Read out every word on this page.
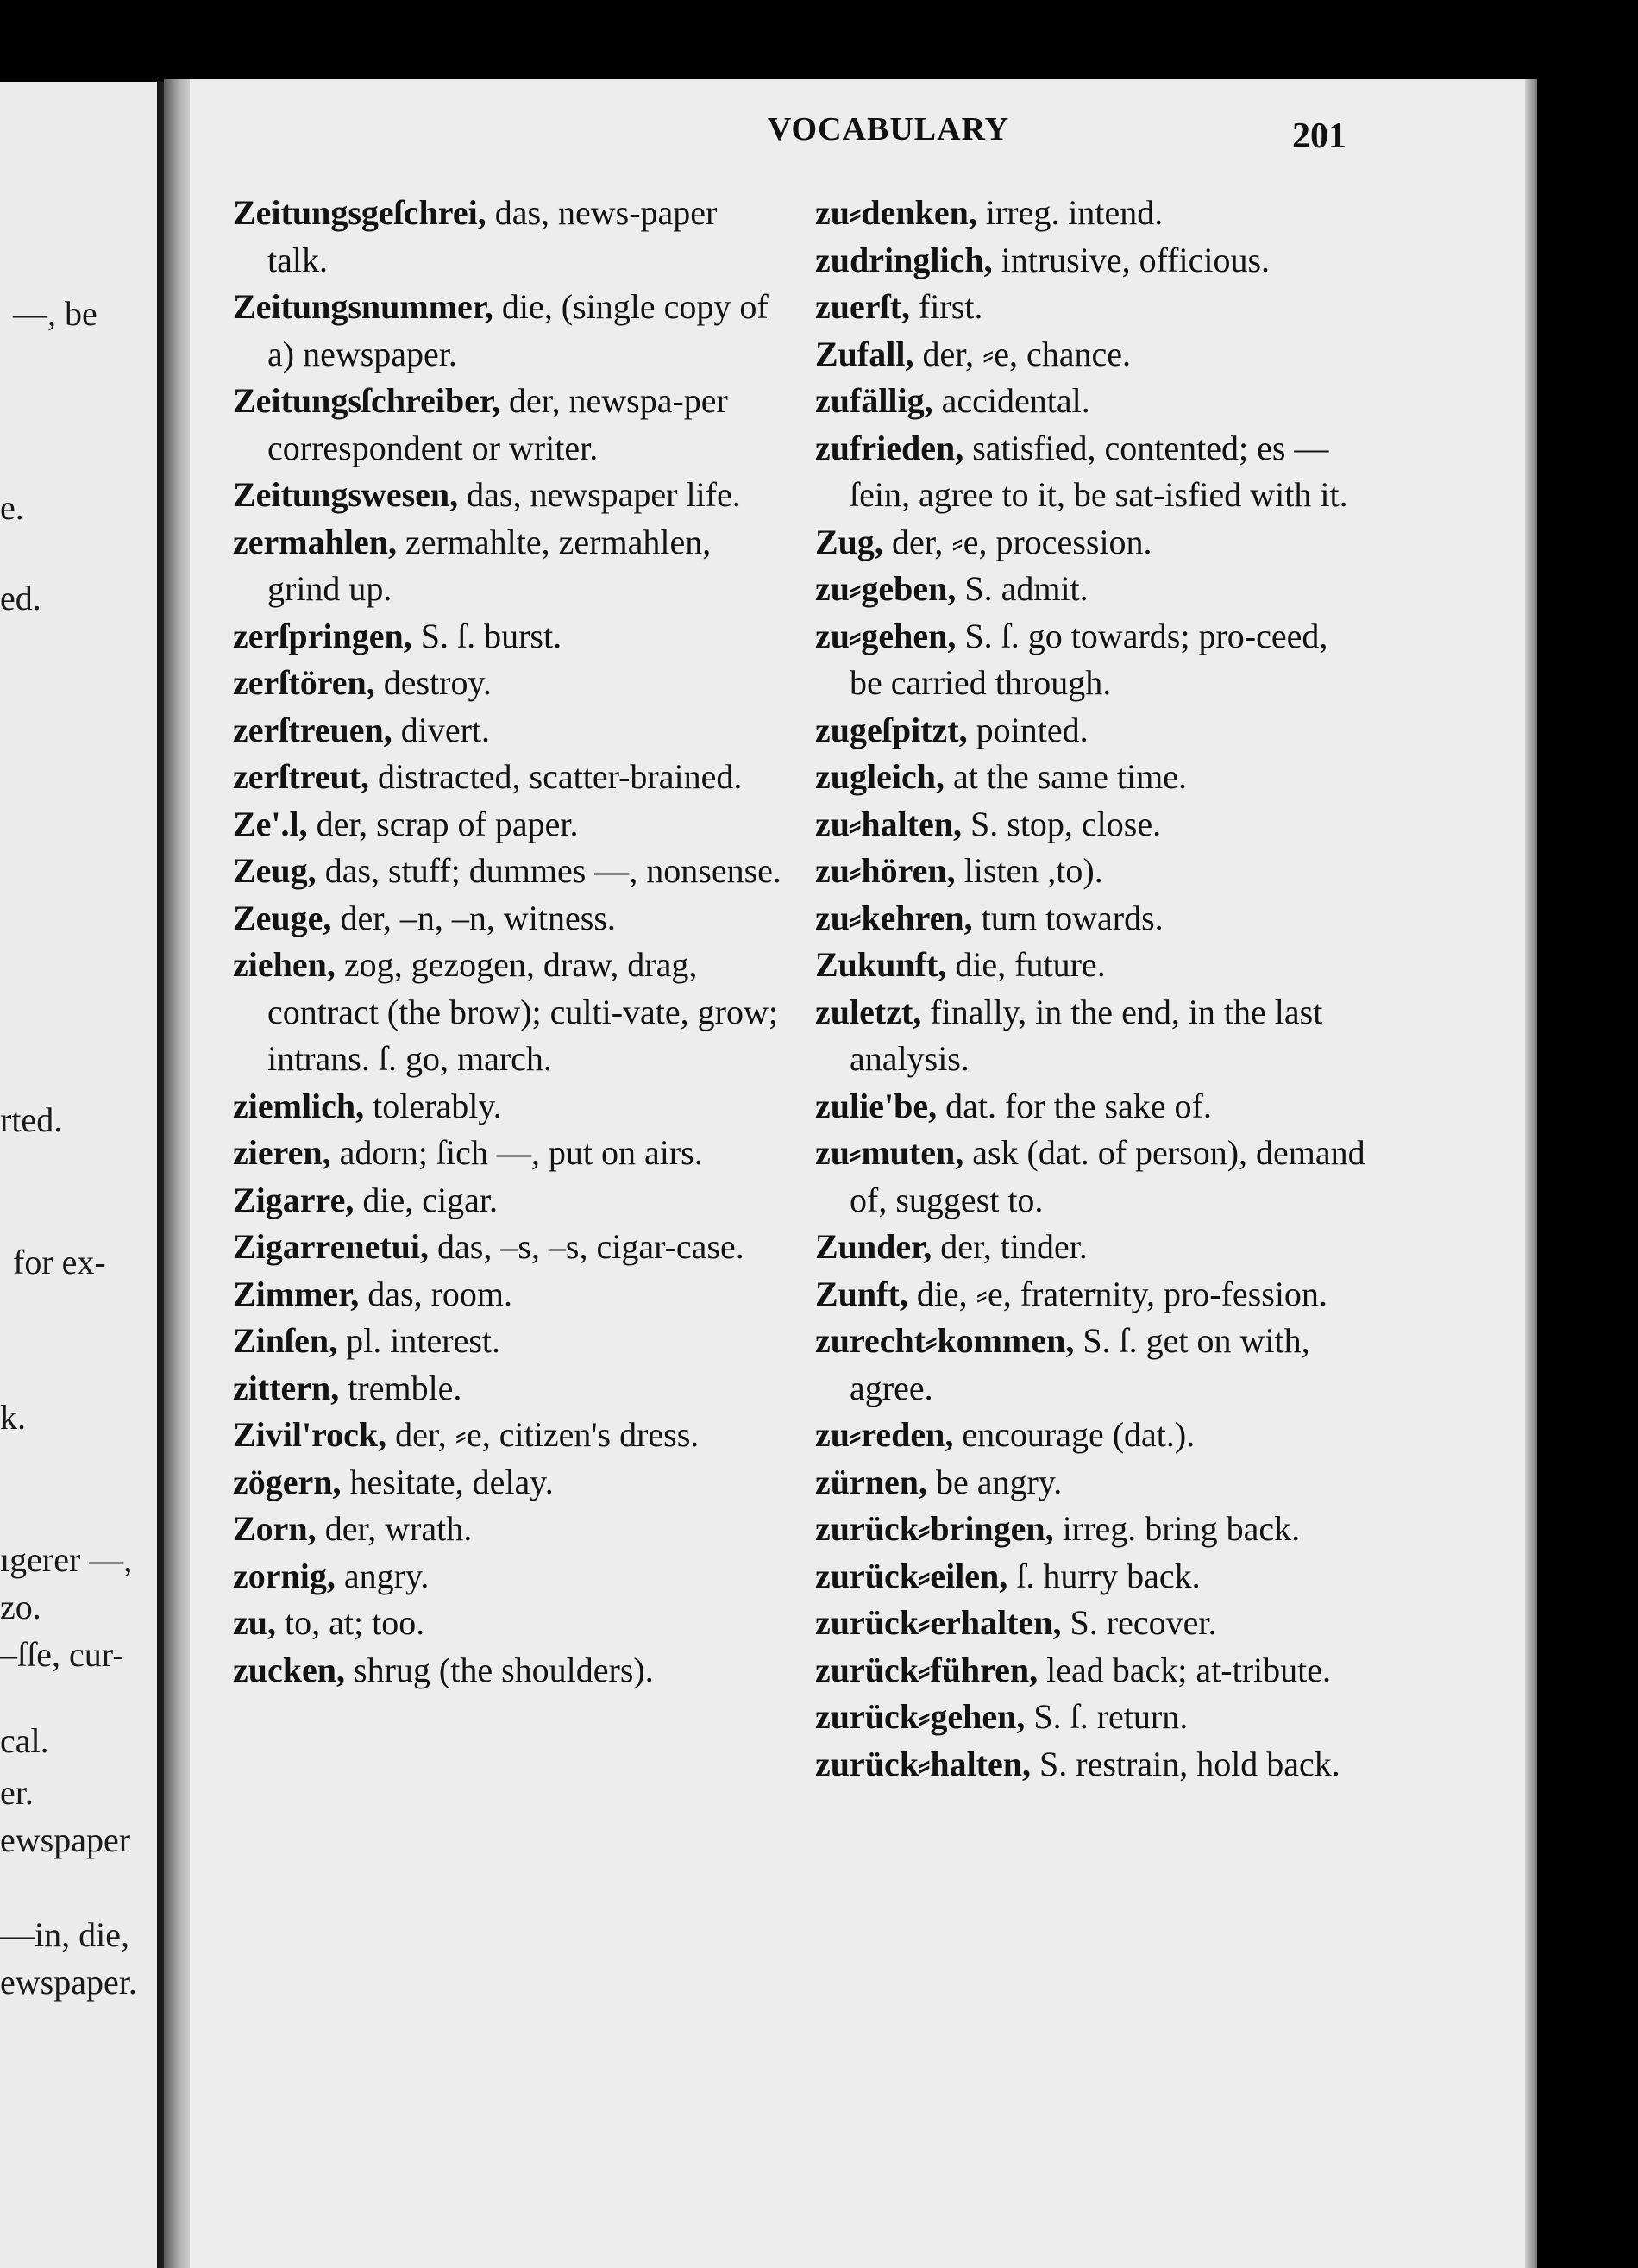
—, be
e.
ed.
rted.
for ex-
k.
ıgerer —,
zo.
–ſſe, cur-
cal.
er.
ewspaper
—in, die,
ewspaper.
VOCABULARY	201
Zeitungsgeſchrei, das, news-paper talk.
Zeitungsnummer, die, (single copy of a) newspaper.
Zeitungsſchreiber, der, newspa-per correspondent or writer.
Zeitungswesen, das, newspaper life.
zermahlen, zermahlte, zermahlen, grind up.
zerſpringen, S. ſ. burst.
zerſtören, destroy.
zerſtreuen, divert.
zerſtreut, distracted, scatter-brained.
Ze'.l, der, scrap of paper.
Zeug, das, stuff; dummes —, nonsense.
Zeuge, der, –n, –n, witness.
ziehen, zog, gezogen, draw, drag, contract (the brow); culti-vate, grow; intrans. ſ. go, march.
ziemlich, tolerably.
zieren, adorn; ſich —, put on airs.
Zigarre, die, cigar.
Zigarrenetui, das, –s, –s, cigar-case.
Zimmer, das, room.
Zinſen, pl. interest.
zittern, tremble.
Zivil'rock, der, ⸗e, citizen's dress.
zögern, hesitate, delay.
Zorn, der, wrath.
zornig, angry.
zu, to, at; too.
zucken, shrug (the shoulders).
zu⸗denken, irreg. intend.
zudringlich, intrusive, officious.
zuerſt, first.
Zufall, der, ⸗e, chance.
zufällig, accidental.
zufrieden, satisfied, contented; es — ſein, agree to it, be sat-isfied with it.
Zug, der, ⸗e, procession.
zu⸗geben, S. admit.
zu⸗gehen, S. ſ. go towards; pro-ceed, be carried through.
zugeſpitzt, pointed.
zugleich, at the same time.
zu⸗halten, S. stop, close.
zu⸗hören, listen ,to).
zu⸗kehren, turn towards.
Zukunft, die, future.
zuletzt, finally, in the end, in the last analysis.
zulie'be, dat. for the sake of.
zu⸗muten, ask (dat. of person), demand of, suggest to.
Zunder, der, tinder.
Zunft, die, ⸗e, fraternity, pro-fession.
zurecht⸗kommen, S. ſ. get on with, agree.
zu⸗reden, encourage (dat.).
zürnen, be angry.
zurück⸗bringen, irreg. bring back.
zurück⸗eilen, ſ. hurry back.
zurück⸗erhalten, S. recover.
zurück⸗führen, lead back; at-tribute.
zurück⸗gehen, S. ſ. return.
zurück⸗halten, S. restrain, hold back.
